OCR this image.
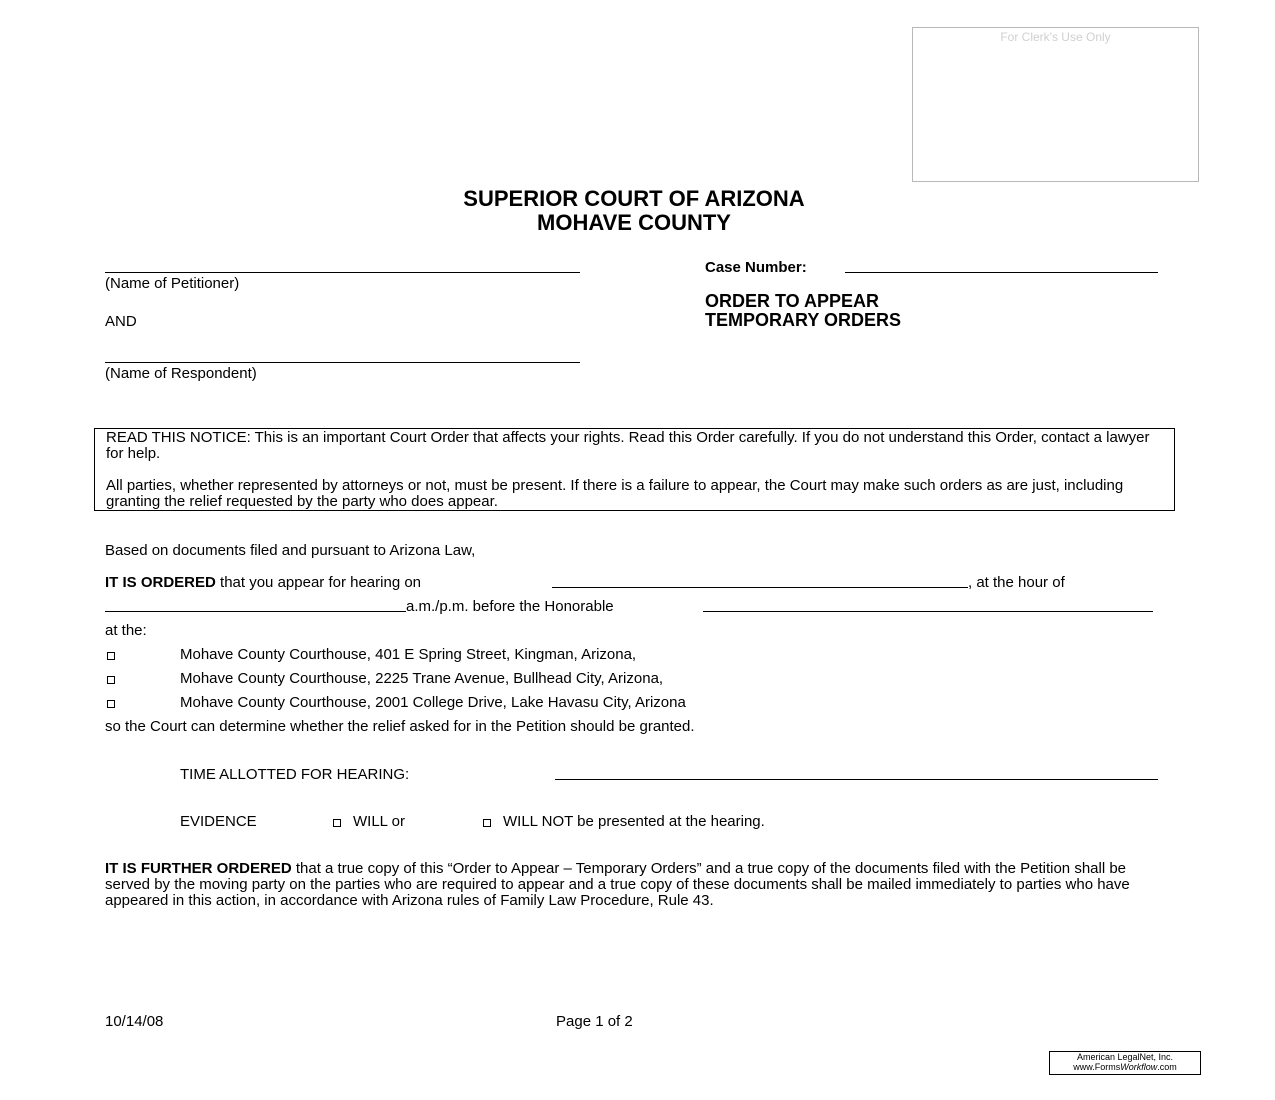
For Clerk's Use Only
SUPERIOR COURT OF ARIZONA
MOHAVE COUNTY
(Name of Petitioner)
AND
(Name of Respondent)
Case Number:
ORDER TO APPEAR
TEMPORARY ORDERS
READ THIS NOTICE: This is an important Court Order that affects your rights. Read this Order carefully. If you do not understand this Order, contact a lawyer for help.
All parties, whether represented by attorneys or not, must be present. If there is a failure to appear, the Court may make such orders as are just, including granting the relief requested by the party who does appear.
Based on documents filed and pursuant to Arizona Law,
IT IS ORDERED that you appear for hearing on	, at the hour of
a.m./p.m. before the Honorable
at the:
Mohave County Courthouse, 401 E Spring Street, Kingman, Arizona,
Mohave County Courthouse, 2225 Trane Avenue, Bullhead City, Arizona,
Mohave County Courthouse, 2001 College Drive, Lake Havasu City, Arizona
so the Court can determine whether the relief asked for in the Petition should be granted.
TIME ALLOTTED FOR HEARING:
EVIDENCE	WILL or	WILL NOT be presented at the hearing.
IT IS FURTHER ORDERED that a true copy of this “Order to Appear – Temporary Orders” and a true copy of the documents filed with the Petition shall be served by the moving party on the parties who are required to appear and a true copy of these documents shall be mailed immediately to parties who have appeared in this action, in accordance with Arizona rules of Family Law Procedure, Rule 43.
10/14/08	Page 1 of 2
American LegalNet, Inc.
www.FormsWorkflow.com
